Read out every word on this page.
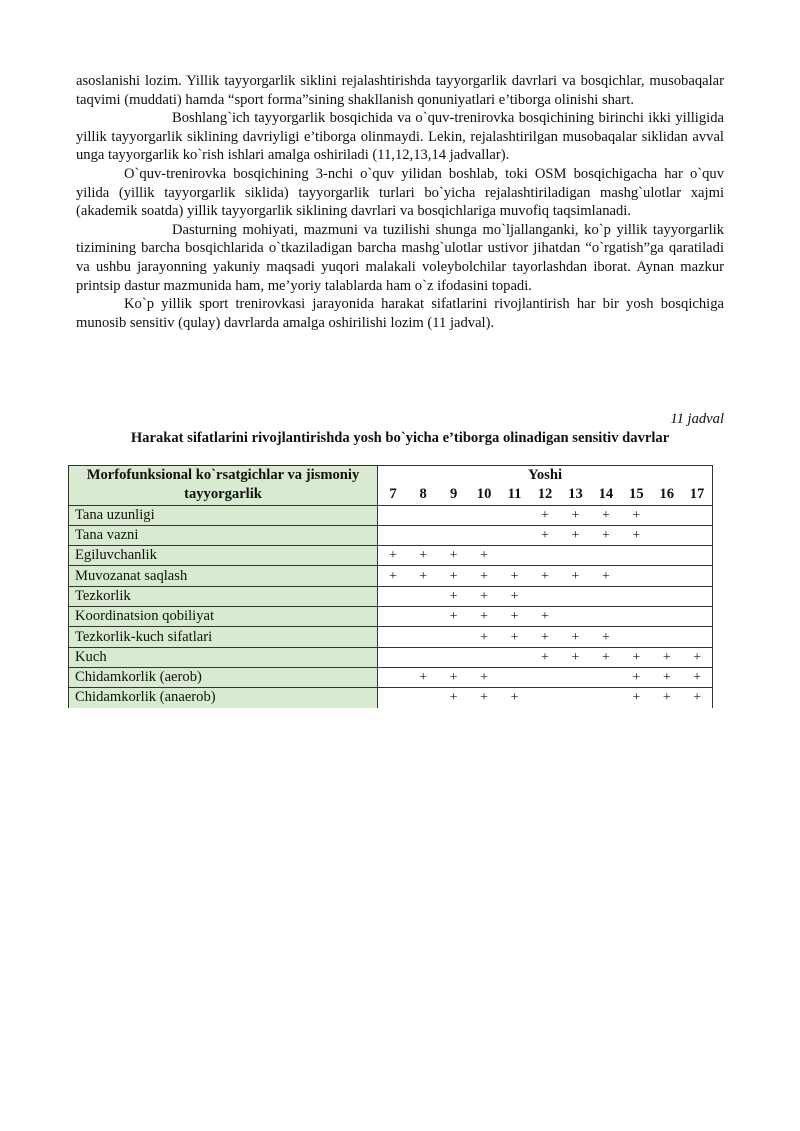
asoslanishi lozim. Yillik tayyorgarlik siklini rejalashtirishda tayyorgarlik davrlari va bosqichlar, musobaqalar taqvimi (muddati) hamda “sport forma”sining shakllanish qonuniyatlari e’tiborga olinishi shart.

Boshlang`ich tayyorgarlik bosqichida va o`quv-trenirovka bosqichining birinchi ikki yilligida yillik tayyorgarlik siklining davriyligi e’tiborga olinmaydi. Lekin, rejalashtirilgan musobaqalar siklidan avval unga tayyorgarlik ko`rish ishlari amalga oshiriladi (11,12,13,14 jadvallar).

O`quv-trenirovka bosqichining 3-nchi o`quv yilidan boshlab, toki OSM bosqichigacha har o`quv yilida (yillik tayyorgarlik siklida) tayyorgarlik turlari bo`yicha rejalashtiriladigan mashg`ulotlar xajmi (akademik soatda) yillik tayyorgarlik siklining davrlari va bosqichlariga muvofiq taqsimlanadi.

Dasturning mohiyati, mazmuni va tuzilishi shunga mo`ljallanganki, ko`p yillik tayyorgarlik tizimining barcha bosqichlarida o`tkaziladigan barcha mashg`ulotlar ustivor jihatdan “o`rgatish”ga qaratiladi va ushbu jarayonning yakuniy maqsadi yuqori malakali voleybolchilar tayorlashdan iborat. Aynan mazkur printsip dastur mazmunida ham, me’yoriy talablarda ham o`z ifodasini topadi.

Ko`p yillik sport trenirovkasi jarayonida harakat sifatlarini rivojlantirish har bir yosh bosqichiga munosib sensitiv (qulay) davrlarda amalga oshirilishi lozim (11 jadval).

11 jadval
Harakat sifatlarini rivojlantirishda yosh bo`yicha e’tiborga olinadigan sensitiv davrlar
Morfofunksional ko`rsatgichlar va jismoniy tayyorgarlik	Yoshi										
	7	8	9	10	11	12	13	14	15	16	17
Tana uzunligi						+	+	+	+		
Tana vazni						+	+	+	+		
Egiluvchanlik	+	+	+	+							
Muvozanat saqlash	+	+	+	+	+	+	+	+			
Tezkorlik			+	+	+						
Koordinatsion qobiliyat			+	+	+	+					
Tezkorlik-kuch sifatlari				+	+	+	+	+			
Kuch						+	+	+	+	+	+
Chidamkorlik (aerob)		+	+	+					+	+	+
Chidamkorlik (anaerob)			+	+	+				+	+	+
